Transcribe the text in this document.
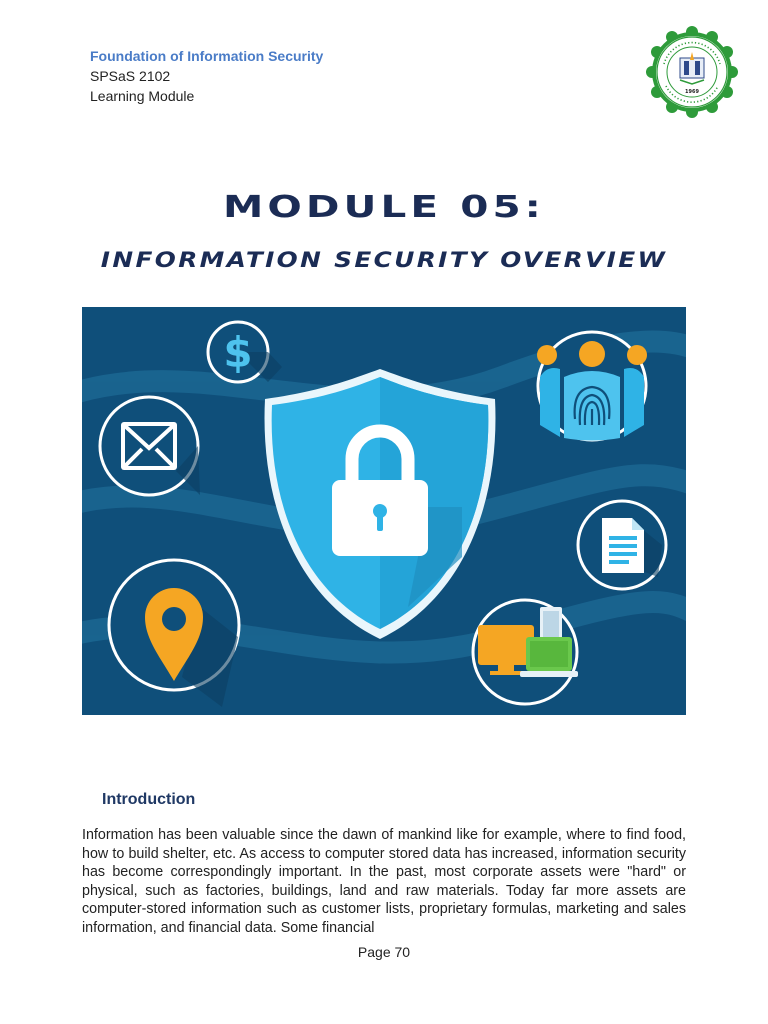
Foundation of Information Security
SPSaS 2102
Learning Module	1969
MODULE 05:
INFORMATION SECURITY OVERVIEW
$
Introduction
Information has been valuable since the dawn of mankind like for example, where to find food, how to build shelter, etc. As access to computer stored data has increased, information security has become correspondingly important. In the past, most corporate assets were "hard" or physical, such as factories, buildings, land and raw materials. Today far more assets are computer-stored information such as customer lists, proprietary formulas, marketing and sales information, and financial data. Some financial
Page 70
